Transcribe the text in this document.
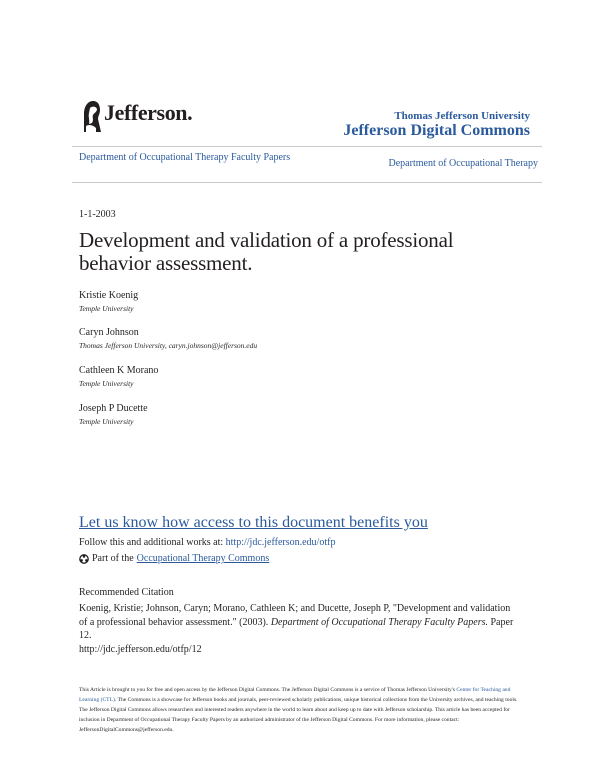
Jefferson.	Thomas Jefferson University
Jefferson Digital Commons
Department of Occupational Therapy Faculty Papers
Department of Occupational Therapy
1-1-2003
Development and validation of a professional behavior assessment.
Kristie Koenig
Temple University
Caryn Johnson
Thomas Jefferson University, caryn.johnson@jefferson.edu
Cathleen K Morano
Temple University
Joseph P Ducette
Temple University
Let us know how access to this document benefits you
Follow this and additional works at: http://jdc.jefferson.edu/otfp
Part of the Occupational Therapy Commons
Recommended Citation
Koenig, Kristie; Johnson, Caryn; Morano, Cathleen K; and Ducette, Joseph P, "Development and validation of a professional behavior assessment." (2003). Department of Occupational Therapy Faculty Papers. Paper 12.
http://jdc.jefferson.edu/otfp/12
This Article is brought to you for free and open access by the Jefferson Digital Commons. The Jefferson Digital Commons is a service of Thomas Jefferson University's Center for Teaching and Learning (CTL). The Commons is a showcase for Jefferson books and journals, peer-reviewed scholarly publications, unique historical collections from the University archives, and teaching tools. The Jefferson Digital Commons allows researchers and interested readers anywhere in the world to learn about and keep up to date with Jefferson scholarship. This article has been accepted for inclusion in Department of Occupational Therapy Faculty Papers by an authorized administrator of the Jefferson Digital Commons. For more information, please contact: JeffersonDigitalCommons@jefferson.edu.
